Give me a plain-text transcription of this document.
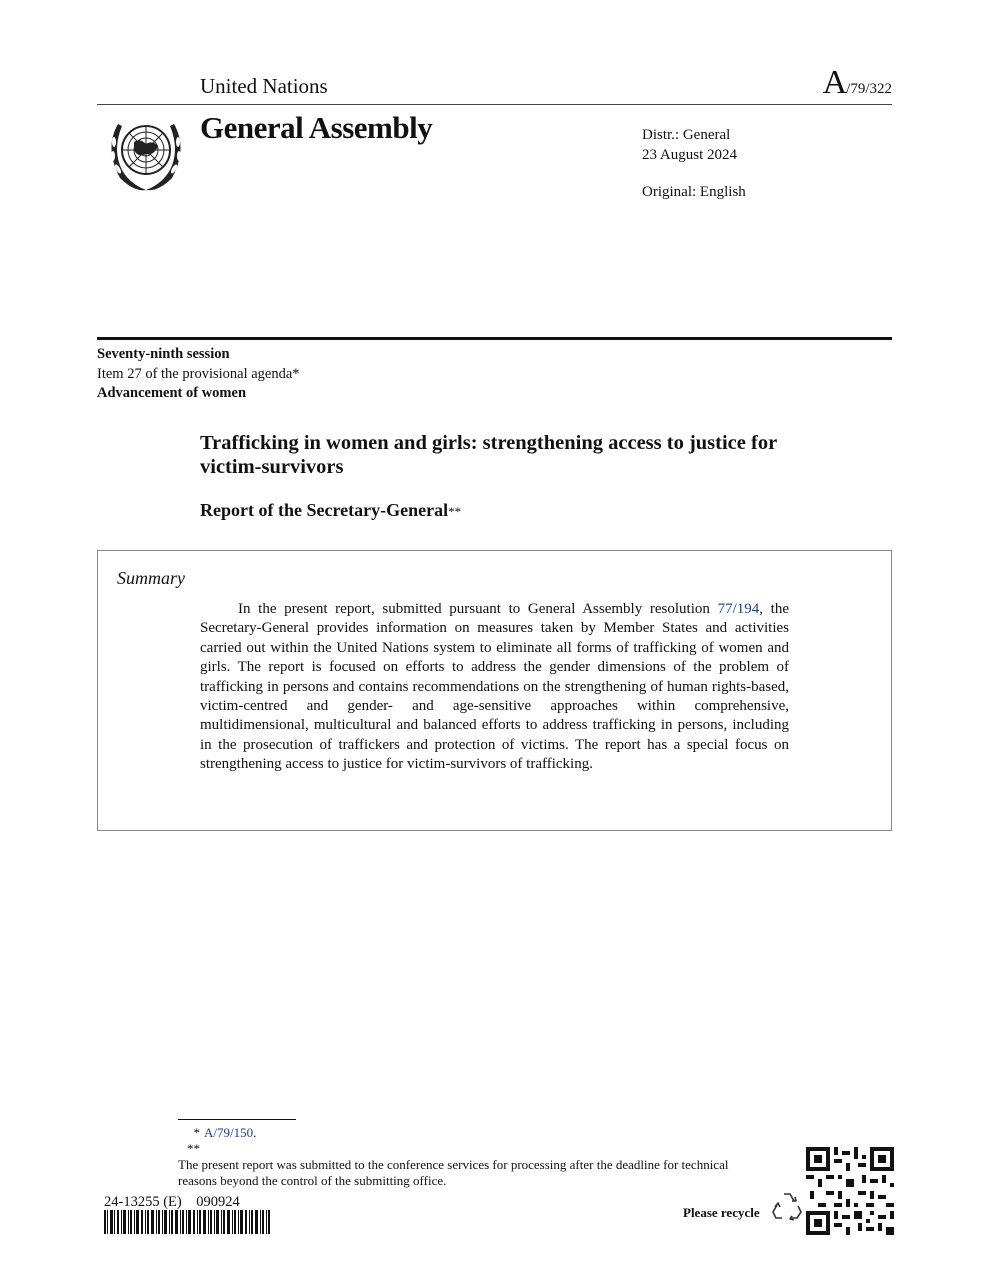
United Nations	A/79/322
General Assembly	Distr.: General
23 August 2024
Original: English
Seventy-ninth session
Item 27 of the provisional agenda*
Advancement of women
Trafficking in women and girls: strengthening access to justice for victim-survivors
Report of the Secretary-General**
Summary
In the present report, submitted pursuant to General Assembly resolution 77/194, the Secretary-General provides information on measures taken by Member States and activities carried out within the United Nations system to eliminate all forms of trafficking of women and girls. The report is focused on efforts to address the gender dimensions of the problem of trafficking in persons and contains recommendations on the strengthening of human rights-based, victim-centred and gender- and age-sensitive approaches within comprehensive, multidimensional, multicultural and balanced efforts to address trafficking in persons, including in the prosecution of traffickers and protection of victims. The report has a special focus on strengthening access to justice for victim-survivors of trafficking.
* A/79/150.
**The present report was submitted to the conference services for processing after the deadline for technical reasons beyond the control of the submitting office.
24-13255 (E)    090924
Please recycle
